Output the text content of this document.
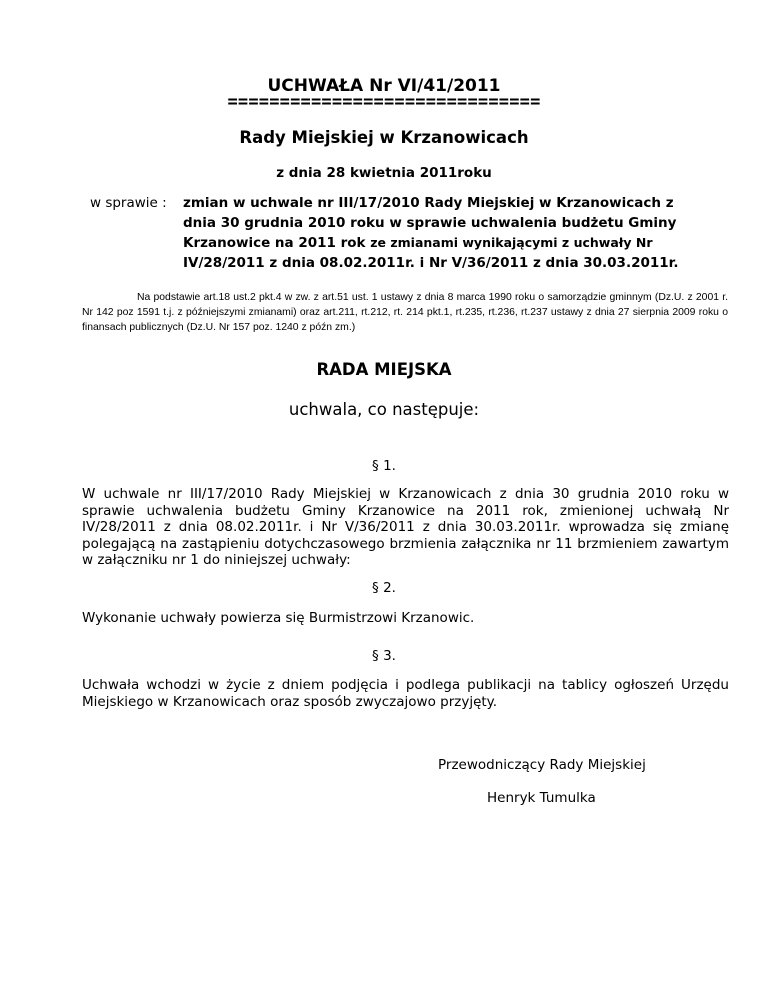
UCHWAŁA Nr VI/41/2011
==============================
Rady Miejskiej w Krzanowicach
z dnia 28 kwietnia 2011roku
w sprawie : zmian w uchwale nr III/17/2010 Rady Miejskiej w Krzanowicach z dnia 30 grudnia 2010 roku w sprawie uchwalenia budżetu Gminy Krzanowice na 2011 rok ze zmianami wynikającymi z uchwały Nr IV/28/2011 z dnia 08.02.2011r. i Nr V/36/2011 z dnia 30.03.2011r.
Na podstawie art.18 ust.2 pkt.4 w zw. z art.51 ust. 1 ustawy z dnia 8 marca 1990 roku o samorządzie gminnym (Dz.U. z 2001 r. Nr 142 poz 1591 t.j. z późniejszymi zmianami) oraz art.211, rt.212, rt. 214 pkt.1, rt.235, rt.236, rt.237 ustawy z dnia 27 sierpnia 2009 roku o finansach publicznych (Dz.U. Nr 157 poz. 1240 z późn zm.)
RADA MIEJSKA
uchwala, co następuje:
§ 1.
W uchwale nr III/17/2010 Rady Miejskiej w Krzanowicach z dnia 30 grudnia 2010 roku w sprawie uchwalenia budżetu Gminy Krzanowice na 2011 rok, zmienionej uchwałą Nr IV/28/2011 z dnia 08.02.2011r. i Nr V/36/2011 z dnia 30.03.2011r. wprowadza się zmianę polegającą na zastąpieniu dotychczasowego brzmienia załącznika nr 11 brzmieniem zawartym w załączniku nr 1 do niniejszej uchwały:
§ 2.
Wykonanie uchwały powierza się Burmistrzowi Krzanowic.
§ 3.
Uchwała wchodzi w życie z dniem podjęcia i podlega publikacji na tablicy ogłoszeń Urzędu Miejskiego w Krzanowicach oraz sposób zwyczajowo przyjęty.
Przewodniczący Rady Miejskiej
Henryk Tumulka
